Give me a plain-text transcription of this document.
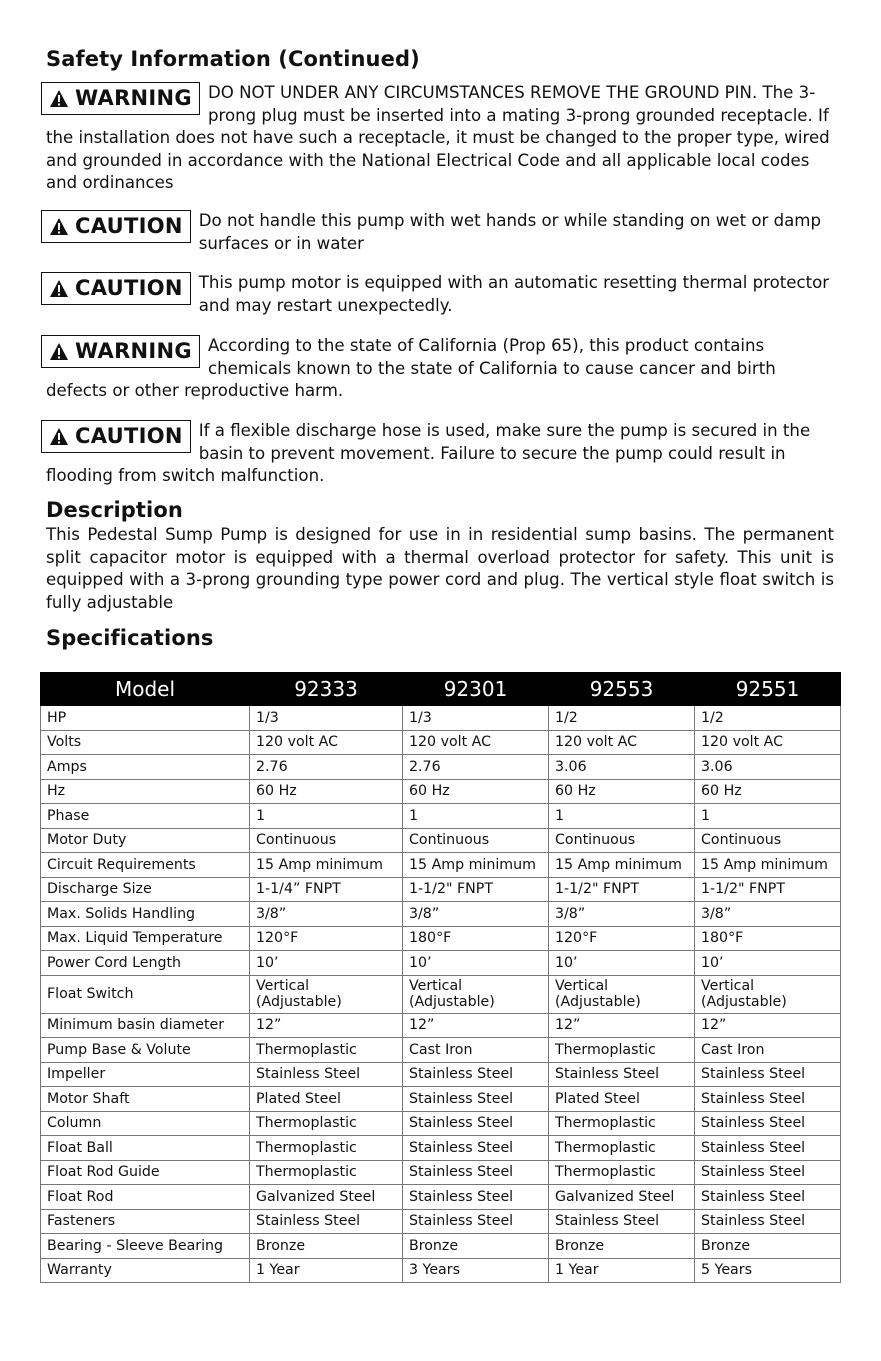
Safety Information (Continued)
WARNING DO NOT UNDER ANY CIRCUMSTANCES REMOVE THE GROUND PIN. The 3-prong plug must be inserted into a mating 3-prong grounded receptacle. If the installation does not have such a receptacle, it must be changed to the proper type, wired and grounded in accordance with the National Electrical Code and all applicable local codes and ordinances

CAUTION Do not handle this pump with wet hands or while standing on wet or damp surfaces or in water

CAUTION This pump motor is equipped with an automatic resetting thermal protector and may restart unexpectedly.

WARNING According to the state of California (Prop 65), this product contains chemicals known to the state of California to cause cancer and birth defects or other reproductive harm.

CAUTION If a flexible discharge hose is used, make sure the pump is secured in the basin to prevent movement. Failure to secure the pump could result in flooding from switch malfunction.

Description

This Pedestal Sump Pump is designed for use in in residential sump basins. The permanent split capacitor motor is equipped with a thermal overload protector for safety. This unit is equipped with a 3-prong grounding type power cord and plug. The vertical style float switch is fully adjustable

Specifications
Model	92333	92301	92553	92551
HP	1/3	1/3	1/2	1/2
Volts	120 volt AC	120 volt AC	120 volt AC	120 volt AC
Amps	2.76	2.76	3.06	3.06
Hz	60 Hz	60 Hz	60 Hz	60 Hz
Phase	1	1	1	1
Motor Duty	Continuous	Continuous	Continuous	Continuous
Circuit Requirements	15 Amp minimum	15 Amp minimum	15 Amp minimum	15 Amp minimum
Discharge Size	1-1/4” FNPT	1-1/2" FNPT	1-1/2" FNPT	1-1/2" FNPT
Max. Solids Handling	3/8”	3/8”	3/8”	3/8”
Max. Liquid Temperature	120°F	180°F	120°F	180°F
Power Cord Length	10’	10’	10’	10’
Float Switch	Vertical (Adjustable)	Vertical (Adjustable)	Vertical (Adjustable)	Vertical (Adjustable)
Minimum basin diameter	12”	12”	12”	12”
Pump Base & Volute	Thermoplastic	Cast Iron	Thermoplastic	Cast Iron
Impeller	Stainless Steel	Stainless Steel	Stainless Steel	Stainless Steel
Motor Shaft	Plated Steel	Stainless Steel	Plated Steel	Stainless Steel
Column	Thermoplastic	Stainless Steel	Thermoplastic	Stainless Steel
Float Ball	Thermoplastic	Stainless Steel	Thermoplastic	Stainless Steel
Float Rod Guide	Thermoplastic	Stainless Steel	Thermoplastic	Stainless Steel
Float Rod	Galvanized Steel	Stainless Steel	Galvanized Steel	Stainless Steel
Fasteners	Stainless Steel	Stainless Steel	Stainless Steel	Stainless Steel
Bearing - Sleeve Bearing	Bronze	Bronze	Bronze	Bronze
Warranty	1 Year	3 Years	1 Year	5 Years
